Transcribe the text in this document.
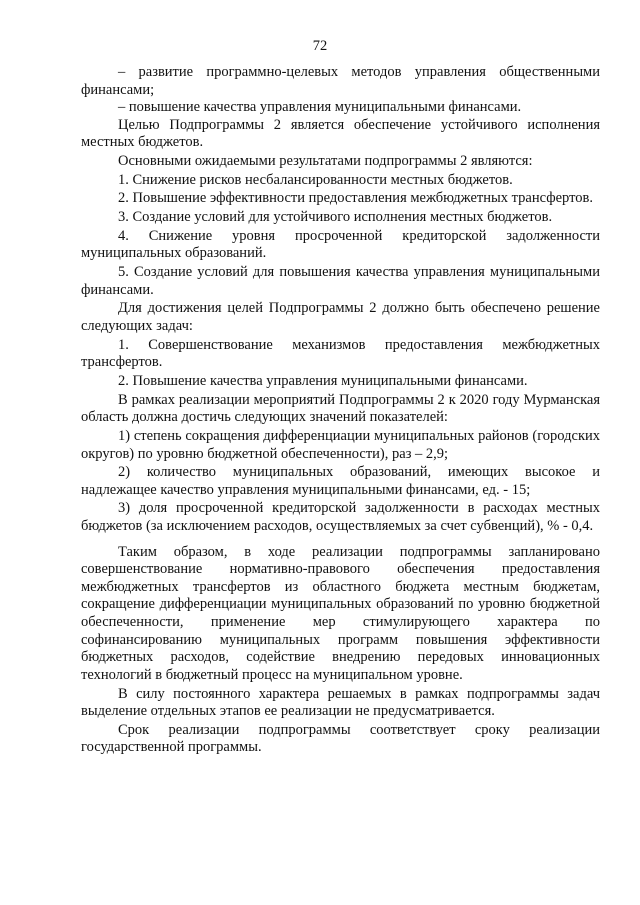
72

– развитие программно-целевых методов управления общественными финансами;

– повышение качества управления муниципальными финансами.

Целью Подпрограммы 2 является обеспечение устойчивого исполнения местных бюджетов.

Основными ожидаемыми результатами подпрограммы 2 являются:

1. Снижение рисков несбалансированности местных бюджетов.

2. Повышение эффективности предоставления межбюджетных трансфертов.

3. Создание условий для устойчивого исполнения местных бюджетов.

4. Снижение уровня просроченной кредиторской задолженности муниципальных образований.

5. Создание условий для повышения качества управления муниципальными финансами.

Для достижения целей Подпрограммы 2 должно быть обеспечено решение следующих задач:

1. Совершенствование механизмов предоставления межбюджетных трансфертов.

2. Повышение качества управления муниципальными финансами.

В рамках реализации мероприятий Подпрограммы 2 к 2020 году Мурманская область должна достичь следующих значений показателей:

1) степень сокращения дифференциации муниципальных районов (городских округов) по уровню бюджетной обеспеченности), раз – 2,9;

2) количество муниципальных образований, имеющих высокое и надлежащее качество управления муниципальными финансами, ед. - 15;

3) доля просроченной кредиторской задолженности в расходах местных бюджетов (за исключением расходов, осуществляемых за счет субвенций), % - 0,4.

Таким образом, в ходе реализации подпрограммы запланировано совершенствование нормативно-правового обеспечения предоставления межбюджетных трансфертов из областного бюджета местным бюджетам, сокращение дифференциации муниципальных образований по уровню бюджетной обеспеченности, применение мер стимулирующего характера по софинансированию муниципальных программ повышения эффективности бюджетных расходов, содействие внедрению передовых инновационных технологий в бюджетный процесс на муниципальном уровне.

В силу постоянного характера решаемых в рамках подпрограммы задач выделение отдельных этапов ее реализации не предусматривается.

Срок реализации подпрограммы соответствует сроку реализации государственной программы.
